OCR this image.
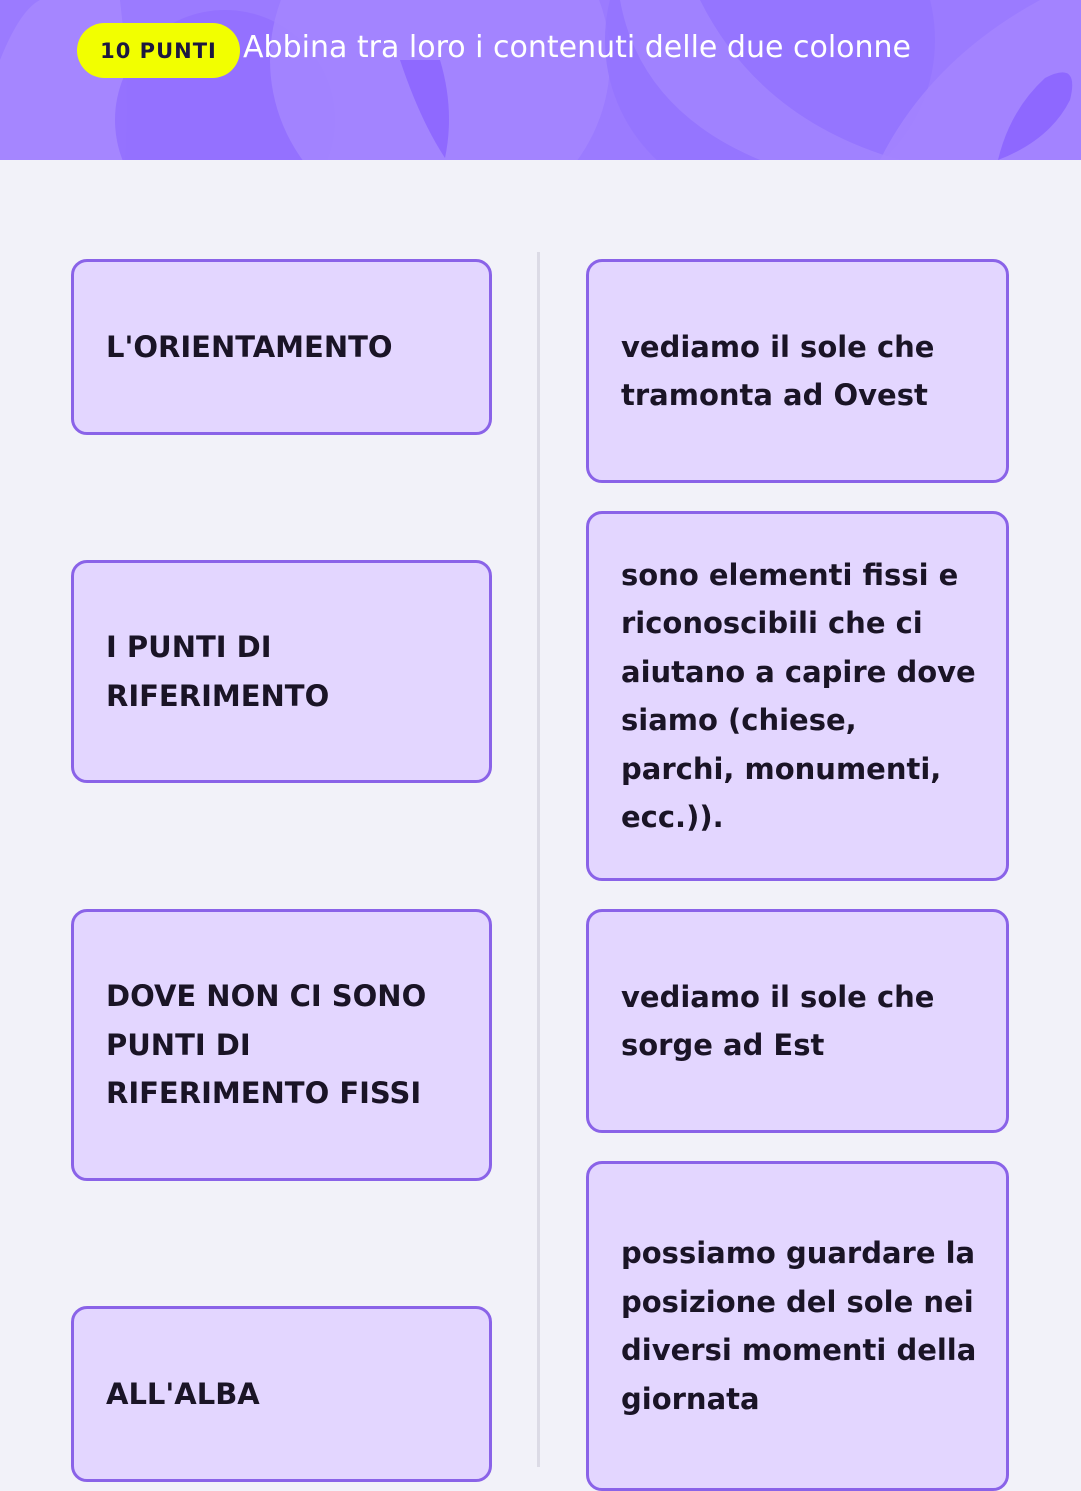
10 PUNTI Abbina tra loro i contenuti delle due colonne
L'ORIENTAMENTO
I PUNTI DI RIFERIMENTO
DOVE NON CI SONO PUNTI DI RIFERIMENTO FISSI
ALL'ALBA
vediamo il sole che tramonta ad Ovest
sono elementi fissi e riconoscibili che ci aiutano a capire dove siamo (chiese, parchi, monumenti, ecc.)).
vediamo il sole che sorge ad Est
possiamo guardare la posizione del sole nei diversi momenti della giornata
